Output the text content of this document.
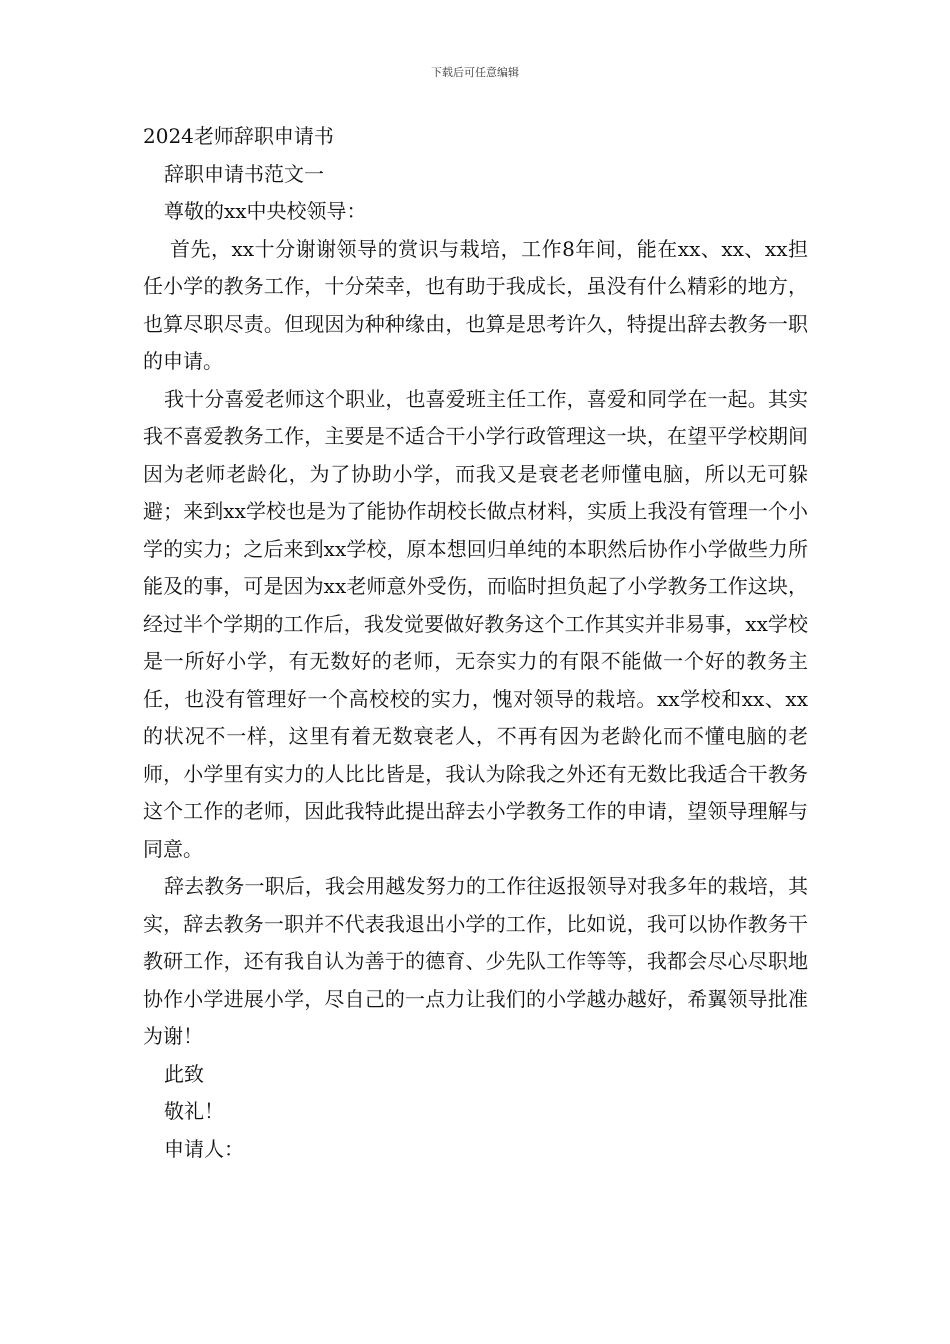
下载后可任意编辑
2024老师辞职申请书

辞职申请书范文一

尊敬的xx中央校领导：

首先，xx十分谢谢领导的赏识与栽培，工作8年间，能在xx、xx、xx担任小学的教务工作，十分荣幸，也有助于我成长，虽没有什么精彩的地方，也算尽职尽责。但现因为种种缘由，也算是思考许久，特提出辞去教务一职的申请。

我十分喜爱老师这个职业，也喜爱班主任工作，喜爱和同学在一起。其实我不喜爱教务工作，主要是不适合干小学行政管理这一块，在望平学校期间因为老师老龄化，为了协助小学，而我又是衰老老师懂电脑，所以无可躲避；来到xx学校也是为了能协作胡校长做点材料，实质上我没有管理一个小学的实力；之后来到xx学校，原本想回归单纯的本职然后协作小学做些力所能及的事，可是因为xx老师意外受伤，而临时担负起了小学教务工作这块，经过半个学期的工作后，我发觉要做好教务这个工作其实并非易事，xx学校是一所好小学，有无数好的老师，无奈实力的有限不能做一个好的教务主任，也没有管理好一个高校校的实力，愧对领导的栽培。xx学校和xx、xx的状况不一样，这里有着无数衰老人，不再有因为老龄化而不懂电脑的老师，小学里有实力的人比比皆是，我认为除我之外还有无数比我适合干教务这个工作的老师，因此我特此提出辞去小学教务工作的申请，望领导理解与同意。

辞去教务一职后，我会用越发努力的工作往返报领导对我多年的栽培，其实，辞去教务一职并不代表我退出小学的工作，比如说，我可以协作教务干教研工作，还有我自认为善于的德育、少先队工作等等，我都会尽心尽职地协作小学进展小学，尽自己的一点力让我们的小学越办越好，希翼领导批准为谢！

此致

敬礼！

申请人：
